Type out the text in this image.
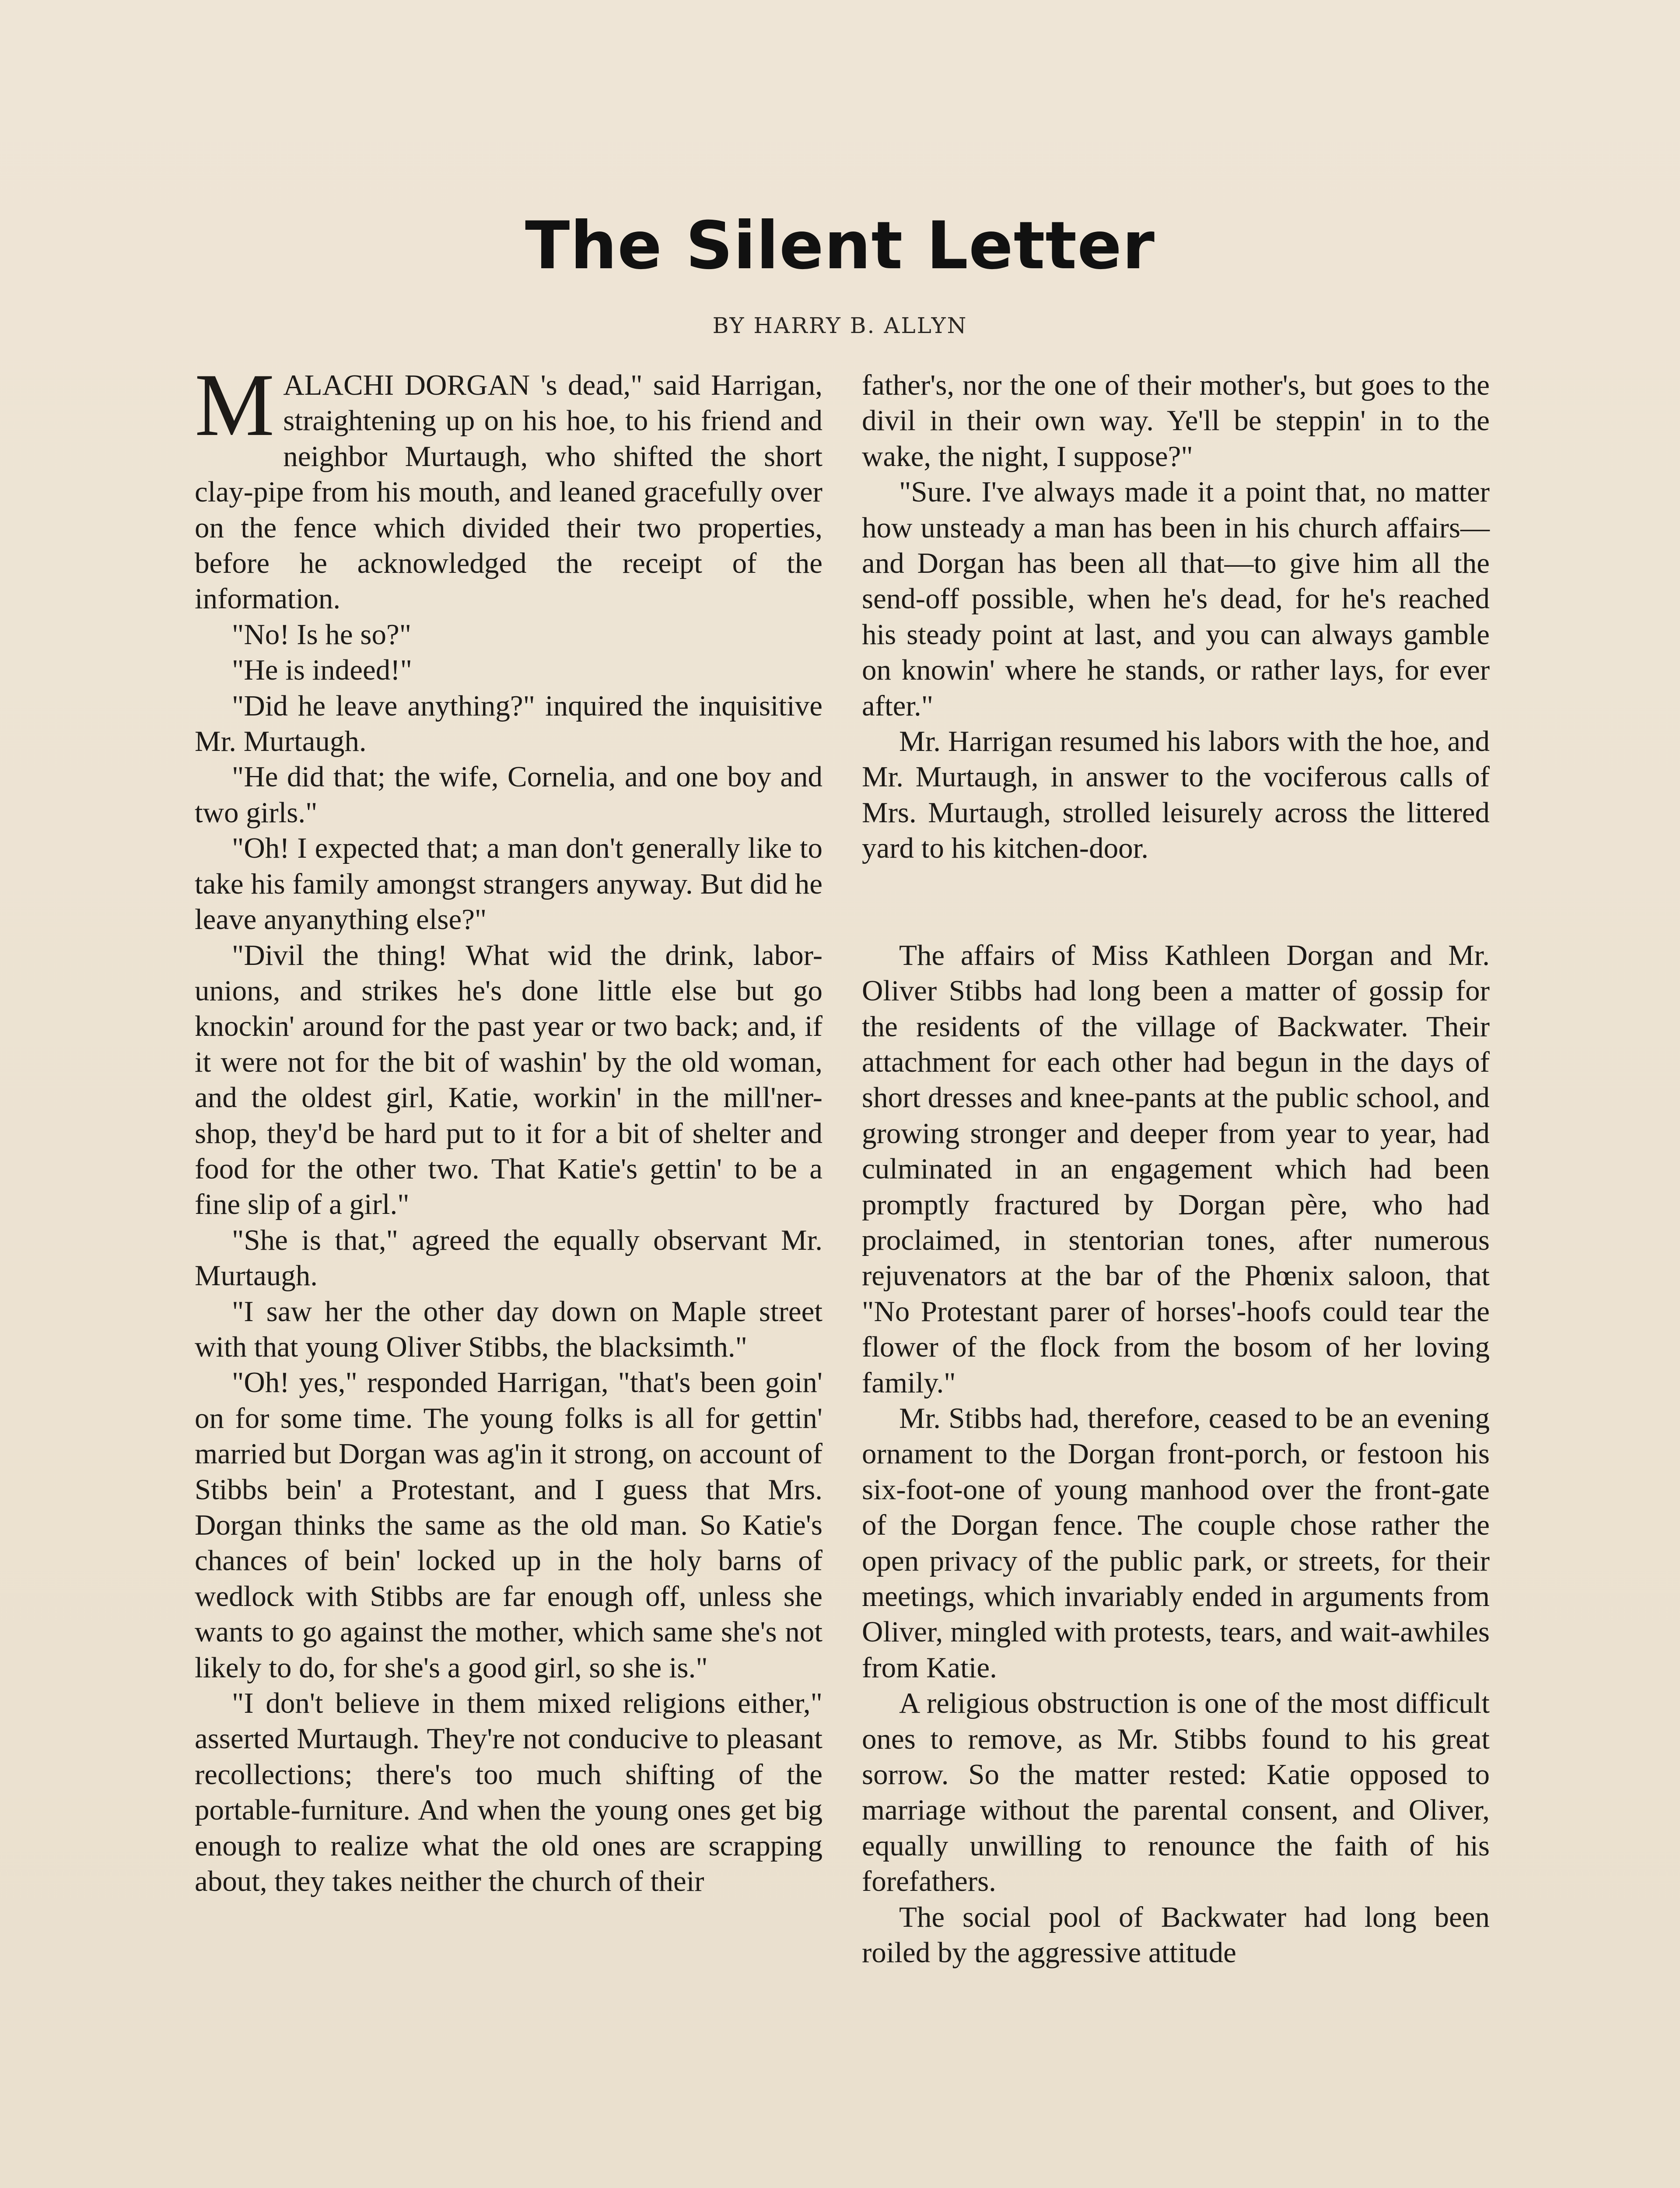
The Silent Letter
BY HARRY B. ALLYN

MALACHI DORGAN 's dead," said Harrigan, straightening up on his hoe, to his friend and neighbor Murtaugh, who shifted the short clay-pipe from his mouth, and leaned gracefully over on the fence which divided their two properties, before he acknowledged the receipt of the information.

"No! Is he so?"

"He is indeed!"

"Did he leave anything?" inquired the inquisitive Mr. Murtaugh.

"He did that; the wife, Cornelia, and one boy and two girls."

"Oh! I expected that; a man don't generally like to take his family amongst strangers anyway. But did he leave anyanything else?"

"Divil the thing! What wid the drink, labor-unions, and strikes he's done little else but go knockin' around for the past year or two back; and, if it were not for the bit of washin' by the old woman, and the oldest girl, Katie, workin' in the mill'ner-shop, they'd be hard put to it for a bit of shelter and food for the other two. That Katie's gettin' to be a fine slip of a girl."

"She is that," agreed the equally observant Mr. Murtaugh.

"I saw her the other day down on Maple street with that young Oliver Stibbs, the blacksimth."

"Oh! yes," responded Harrigan, "that's been goin' on for some time. The young folks is all for gettin' married but Dorgan was ag'in it strong, on account of Stibbs bein' a Protestant, and I guess that Mrs. Dorgan thinks the same as the old man. So Katie's chances of bein' locked up in the holy barns of wedlock with Stibbs are far enough off, unless she wants to go against the mother, which same she's not likely to do, for she's a good girl, so she is."

"I don't believe in them mixed religions either," asserted Murtaugh. They're not conducive to pleasant recollections; there's too much shifting of the portable-furniture. And when the young ones get big enough to realize what the old ones are scrapping about, they takes neither the church of their

father's, nor the one of their mother's, but goes to the divil in their own way. Ye'll be steppin' in to the wake, the night, I suppose?"

"Sure. I've always made it a point that, no matter how unsteady a man has been in his church affairs—and Dorgan has been all that—to give him all the send-off possible, when he's dead, for he's reached his steady point at last, and you can always gamble on knowin' where he stands, or rather lays, for ever after."

Mr. Harrigan resumed his labors with the hoe, and Mr. Murtaugh, in answer to the vociferous calls of Mrs. Murtaugh, strolled leisurely across the littered yard to his kitchen-door.

The affairs of Miss Kathleen Dorgan and Mr. Oliver Stibbs had long been a matter of gossip for the residents of the village of Backwater. Their attachment for each other had begun in the days of short dresses and knee-pants at the public school, and growing stronger and deeper from year to year, had culminated in an engagement which had been promptly fractured by Dorgan père, who had proclaimed, in stentorian tones, after numerous rejuvenators at the bar of the Phœnix saloon, that "No Protestant parer of horses'-hoofs could tear the flower of the flock from the bosom of her loving family."

Mr. Stibbs had, therefore, ceased to be an evening ornament to the Dorgan front-porch, or festoon his six-foot-one of young manhood over the front-gate of the Dorgan fence. The couple chose rather the open privacy of the public park, or streets, for their meetings, which invariably ended in arguments from Oliver, mingled with protests, tears, and wait-awhiles from Katie.

A religious obstruction is one of the most difficult ones to remove, as Mr. Stibbs found to his great sorrow. So the matter rested: Katie opposed to marriage without the parental consent, and Oliver, equally unwilling to renounce the faith of his forefathers.

The social pool of Backwater had long been roiled by the aggressive attitude
